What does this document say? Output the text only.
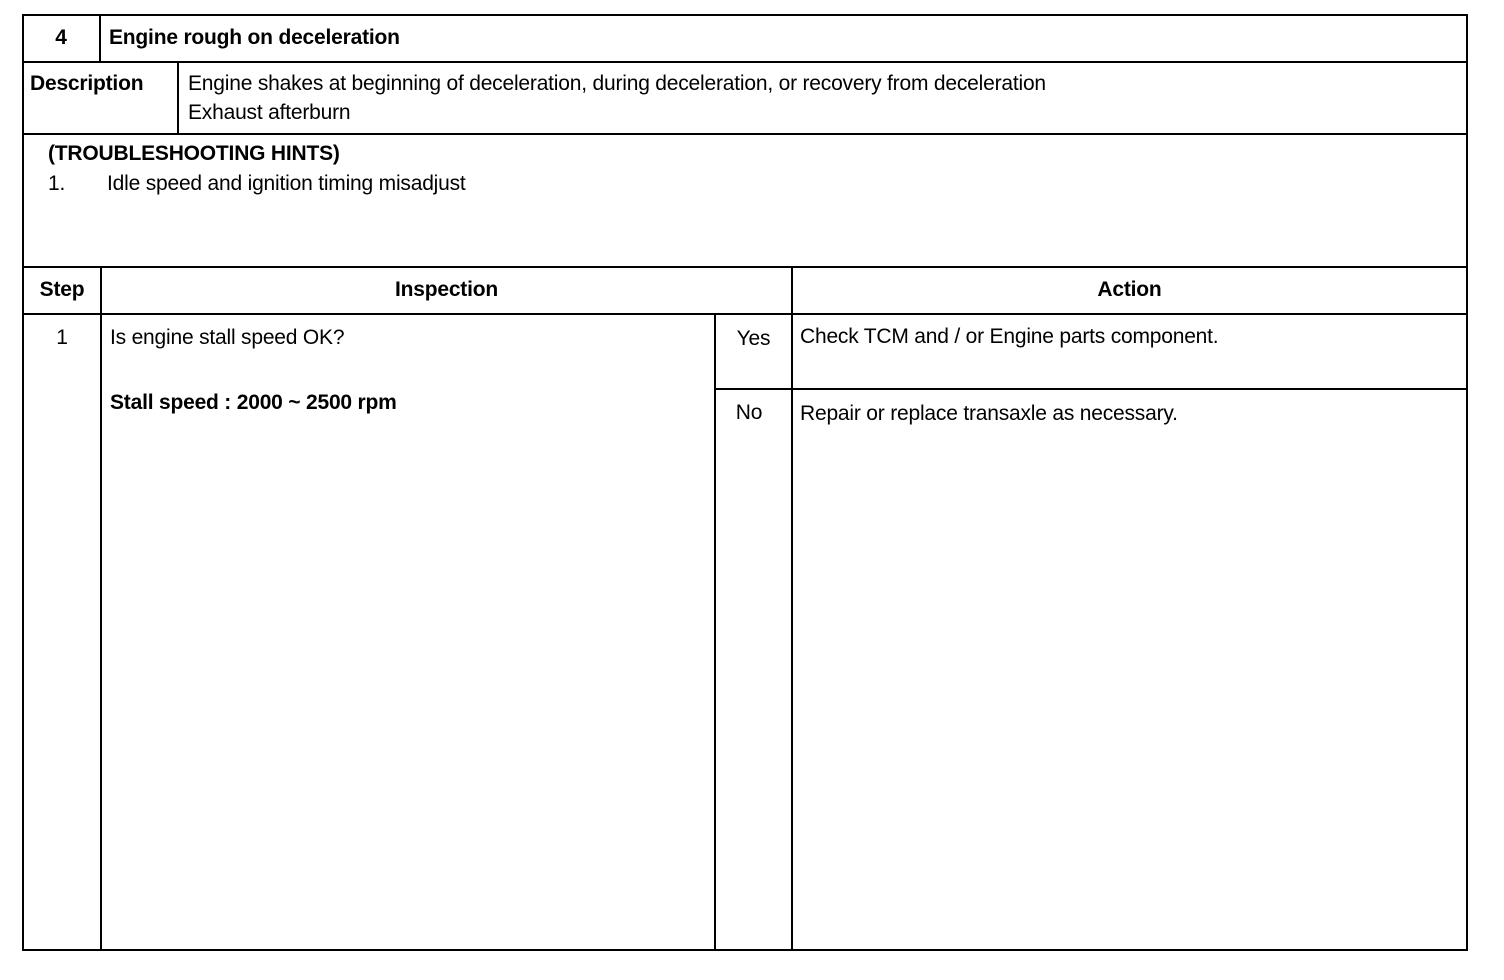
4	Engine rough on deceleration
Description Engine shakes at beginning of deceleration, during deceleration, or recovery from deceleration
Exhaust afterburn
(TROUBLESHOOTING HINTS)
1. Idle speed and ignition timing misadjust
Step	Inspection	Action
1	Is engine stall speed OK?
Stall speed : 2000 ~ 2500 rpm
Yes	Check TCM and / or Engine parts component.
No	Repair or replace transaxle as necessary.
